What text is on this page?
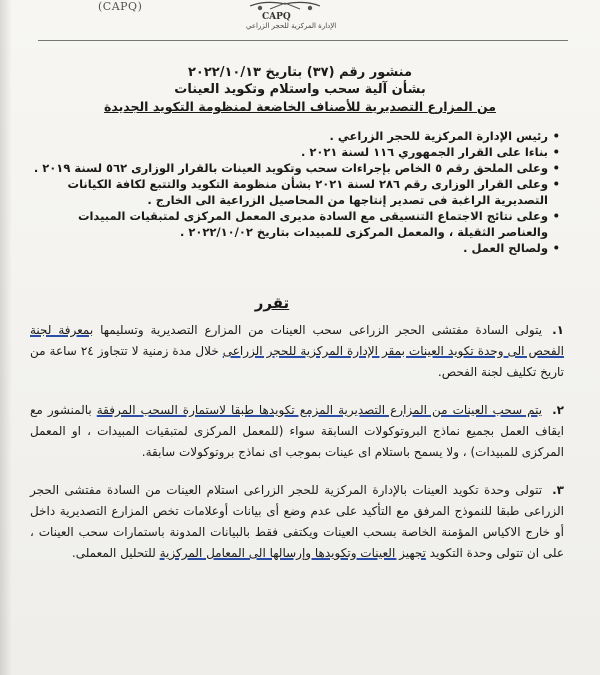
(CAPQ)
CAPQ
الإدارة المركزية للحجر الزراعي
منشور رقم (٣٧) بتاريخ ٢٠٢٢/١٠/١٣
بشأن آلية سحب واستلام وتكويد العينات
من المزارع التصديرية للأصناف الخاضعة لمنظومة التكويد الجديدة
• رئيس الإدارة المركزية للحجر الزراعي .
• بناءا على القرار الجمهوري ١١٦ لسنة ٢٠٢١ .
• وعلى الملحق رقم ٥ الخاص بإجراءات سحب وتكويد العينات بالقرار الوزارى ٥٦٢ لسنة ٢٠١٩ .
• وعلى القرار الوزارى رقم ٢٨٦ لسنة ٢٠٢١ بشأن منظومة التكويد والتتبع لكافة الكيانات التصديرية الراغبة فى تصدير إنتاجها من المحاصيل الزراعية الى الخارج .
• وعلى نتائج الاجتماع التنسيقى مع السادة مديرى المعمل المركزى لمتبقيات المبيدات والعناصر الثقيلة ، والمعمل المركزى للمبيدات بتاريخ ٢٠٢٢/١٠/٠٢ .
• ولصالح العمل .
تقرر
١.يتولى السادة مفتشى الحجر الزراعى سحب العينات من المزارع التصديرية وتسليمها بمعرفة لجنة الفحص الى وحدة تكويد العينات بمقر الإدارة المركزية للحجر الزراعى خلال مدة زمنية لا تتجاوز ٢٤ ساعة من تاريخ تكليف لجنة الفحص.
٢.يتم سحب العينات من المزارع التصديرية المزمع تكويدها طبقا لاستمارة السحب المرفقة بالمنشور مع ايقاف العمل بجميع نماذج البروتوكولات السابقة سواء (للمعمل المركزى لمتبقيات المبيدات ، او المعمل المركزى للمبيدات) ، ولا يسمح باستلام اى عينات بموجب اى نماذج بروتوكولات سابقة.
٣.تتولى وحدة تكويد العينات بالإدارة المركزية للحجر الزراعى استلام العينات من السادة مفتشى الحجر الزراعى طبقا للنموذج المرفق مع التأكيد على عدم وضع أى بيانات أوعلامات تخص المزارع التصديرية داخل أو خارج الاكياس المؤمنة الخاصة بسحب العينات ويكتفى فقط بالبيانات المدونة باستمارات سحب العينات ، على ان تتولى وحدة التكويد تجهيز العينات وتكويدها وإرسالها الى المعامل المركزية للتحليل المعملى.
